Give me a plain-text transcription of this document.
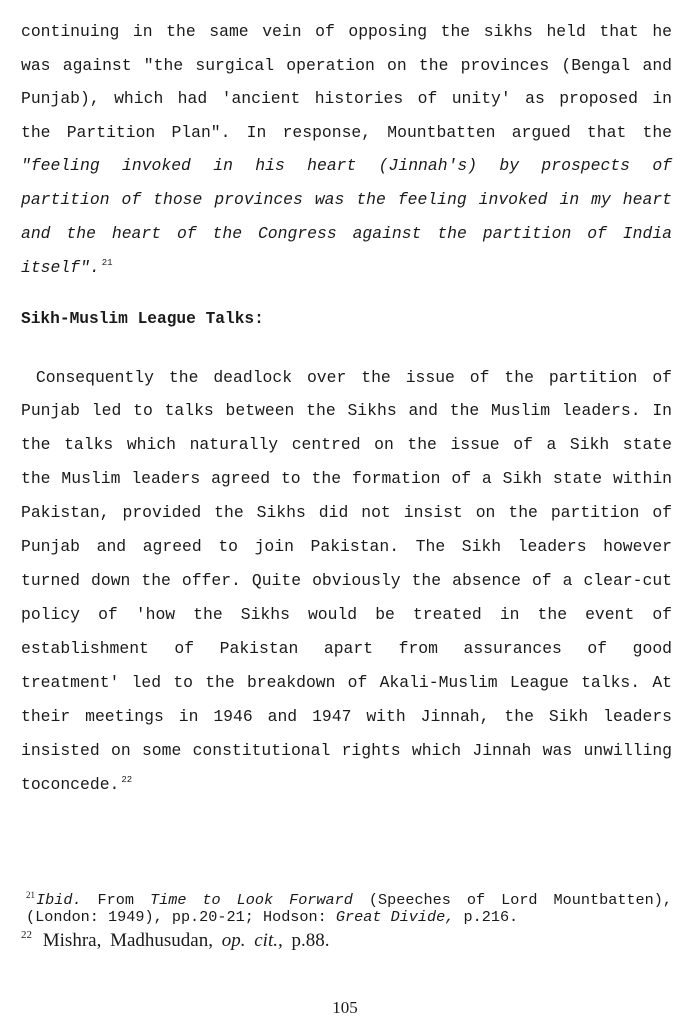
continuing in the same vein of opposing the sikhs held that he
was against "the surgical operation on the provinces (Bengal and
Punjab), which had 'ancient histories of unity' as proposed in
the Partition Plan". In response, Mountbatten argued that the
"feeling invoked in his heart (Jinnah's) by prospects of
partition of those provinces was the feeling invoked in my heart
and the heart of the Congress against the partition of India
itself". $^{21}$
Sikh-Muslim League Talks:
Consequently the deadlock over the issue of the partition of
Punjab led to talks between the Sikhs and the Muslim leaders. In
the talks which naturally centred on the issue of a Sikh state
the Muslim leaders agreed to the formation of a Sikh state within
Pakistan, provided the Sikhs did not insist on the partition of
Punjab and agreed to join Pakistan. The Sikh leaders however
turned down the offer. Quite obviously the absence of a clear-cut
policy of 'how the Sikhs would be treated in the event of
establishment of Pakistan apart from assurances of good
treatment' led to the breakdown of Akali-Muslim League talks. At
their meetings in 1946 and 1947 with Jinnah, the Sikh leaders
insisted on some constitutional rights which Jinnah was unwilling
toconcede. $^{22}$
$^{21}$Ibid. From Time to Look Forward (Speeches of Lord Mountbatten),
(London: 1949), pp.20-21; Hodson: Great Divide, p.216.
$^{22}$ Mishra, Madhusudan, op. cit., p.88.
105
